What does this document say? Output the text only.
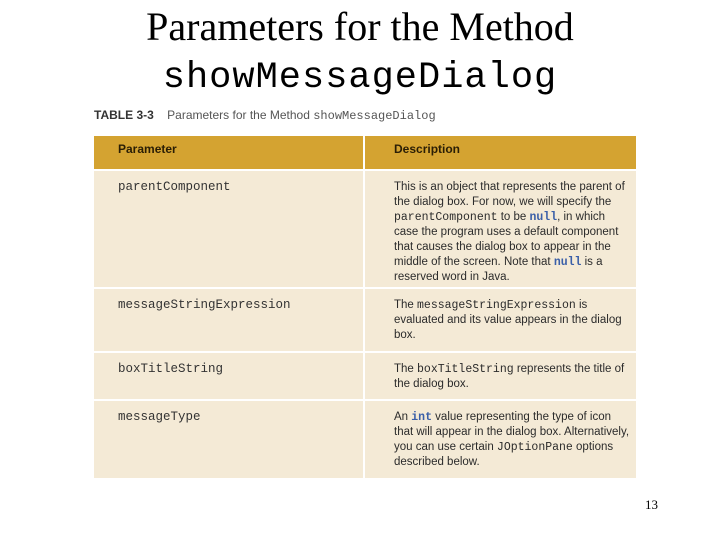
Parameters for the Method
showMessageDialog
TABLE 3-3 Parameters for the Method showMessageDialog
Parameter	Description
parentComponent	This is an object that represents the parent of the dialog box. For now, we will specify the parentComponent to be null, in which case the program uses a default component that causes the dialog box to appear in the middle of the screen. Note that null is a reserved word in Java.
messageStringExpression	The messageStringExpression is evaluated and its value appears in the dialog box.
boxTitleString	The boxTitleString represents the title of the dialog box.
messageType	An int value representing the type of icon that will appear in the dialog box. Alternatively, you can use certain JOptionPane options described below.
13
